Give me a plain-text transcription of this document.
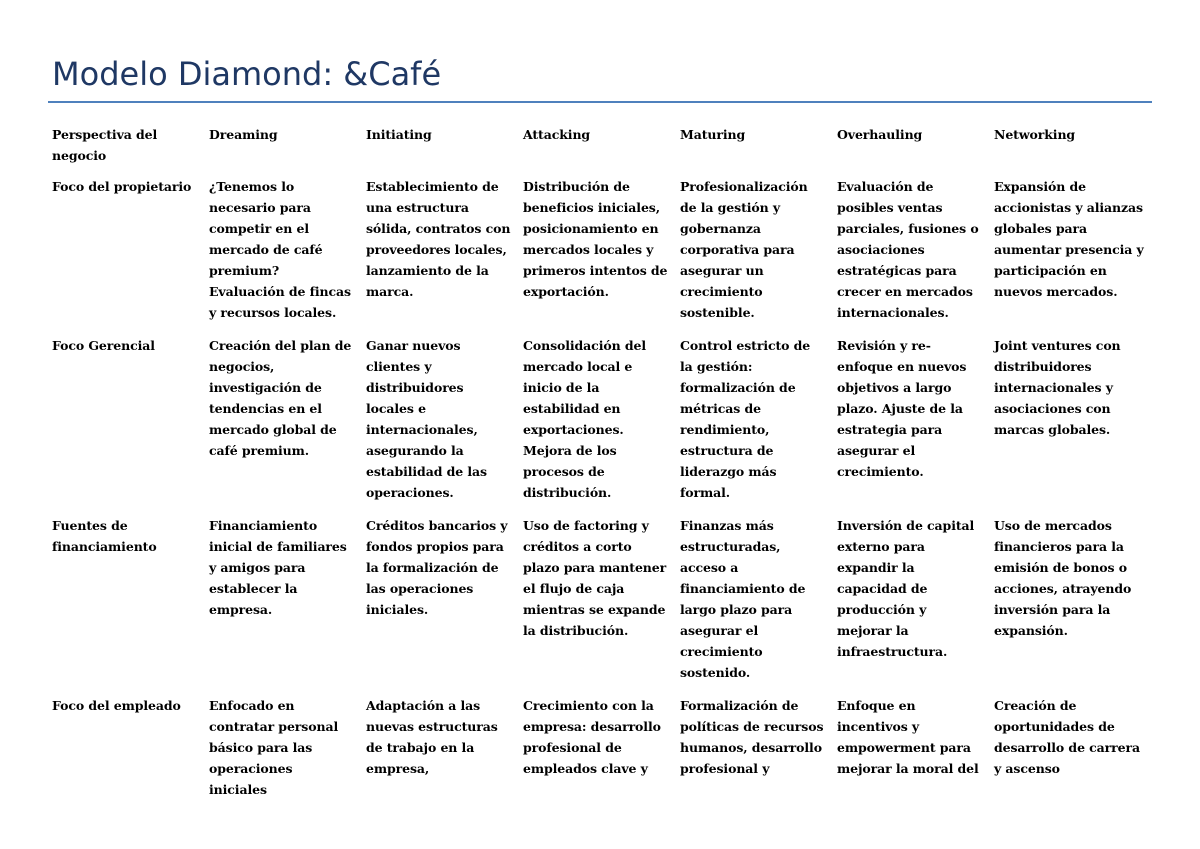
Modelo Diamond: &Café
Perspectiva del negocio	Dreaming	Initiating	Attacking	Maturing	Overhauling	Networking
Foco del propietario	¿Tenemos lo necesario para competir en el mercado de café premium? Evaluación de fincas y recursos locales.	Establecimiento de una estructura sólida, contratos con proveedores locales, lanzamiento de la marca.	Distribución de beneficios iniciales, posicionamiento en mercados locales y primeros intentos de exportación.	Profesionalización de la gestión y gobernanza corporativa para asegurar un crecimiento sostenible.	Evaluación de posibles ventas parciales, fusiones o asociaciones estratégicas para crecer en mercados internacionales.	Expansión de accionistas y alianzas globales para aumentar presencia y participación en nuevos mercados.
Foco Gerencial	Creación del plan de negocios, investigación de tendencias en el mercado global de café premium.	Ganar nuevos clientes y distribuidores locales e internacionales, asegurando la estabilidad de las operaciones.	Consolidación del mercado local e inicio de la estabilidad en exportaciones. Mejora de los procesos de distribución.	Control estricto de la gestión: formalización de métricas de rendimiento, estructura de liderazgo más formal.	Revisión y re-enfoque en nuevos objetivos a largo plazo. Ajuste de la estrategia para asegurar el crecimiento.	Joint ventures con distribuidores internacionales y asociaciones con marcas globales.
Fuentes de financiamiento	Financiamiento inicial de familiares y amigos para establecer la empresa.	Créditos bancarios y fondos propios para la formalización de las operaciones iniciales.	Uso de factoring y créditos a corto plazo para mantener el flujo de caja mientras se expande la distribución.	Finanzas más estructuradas, acceso a financiamiento de largo plazo para asegurar el crecimiento sostenido.	Inversión de capital externo para expandir la capacidad de producción y mejorar la infraestructura.	Uso de mercados financieros para la emisión de bonos o acciones, atrayendo inversión para la expansión.
Foco del empleado	Enfocado en contratar personal básico para las operaciones iniciales	Adaptación a las nuevas estructuras de trabajo en la empresa,	Crecimiento con la empresa: desarrollo profesional de empleados clave y	Formalización de políticas de recursos humanos, desarrollo profesional y	Enfoque en incentivos y empowerment para mejorar la moral del	Creación de oportunidades de desarrollo de carrera y ascenso
